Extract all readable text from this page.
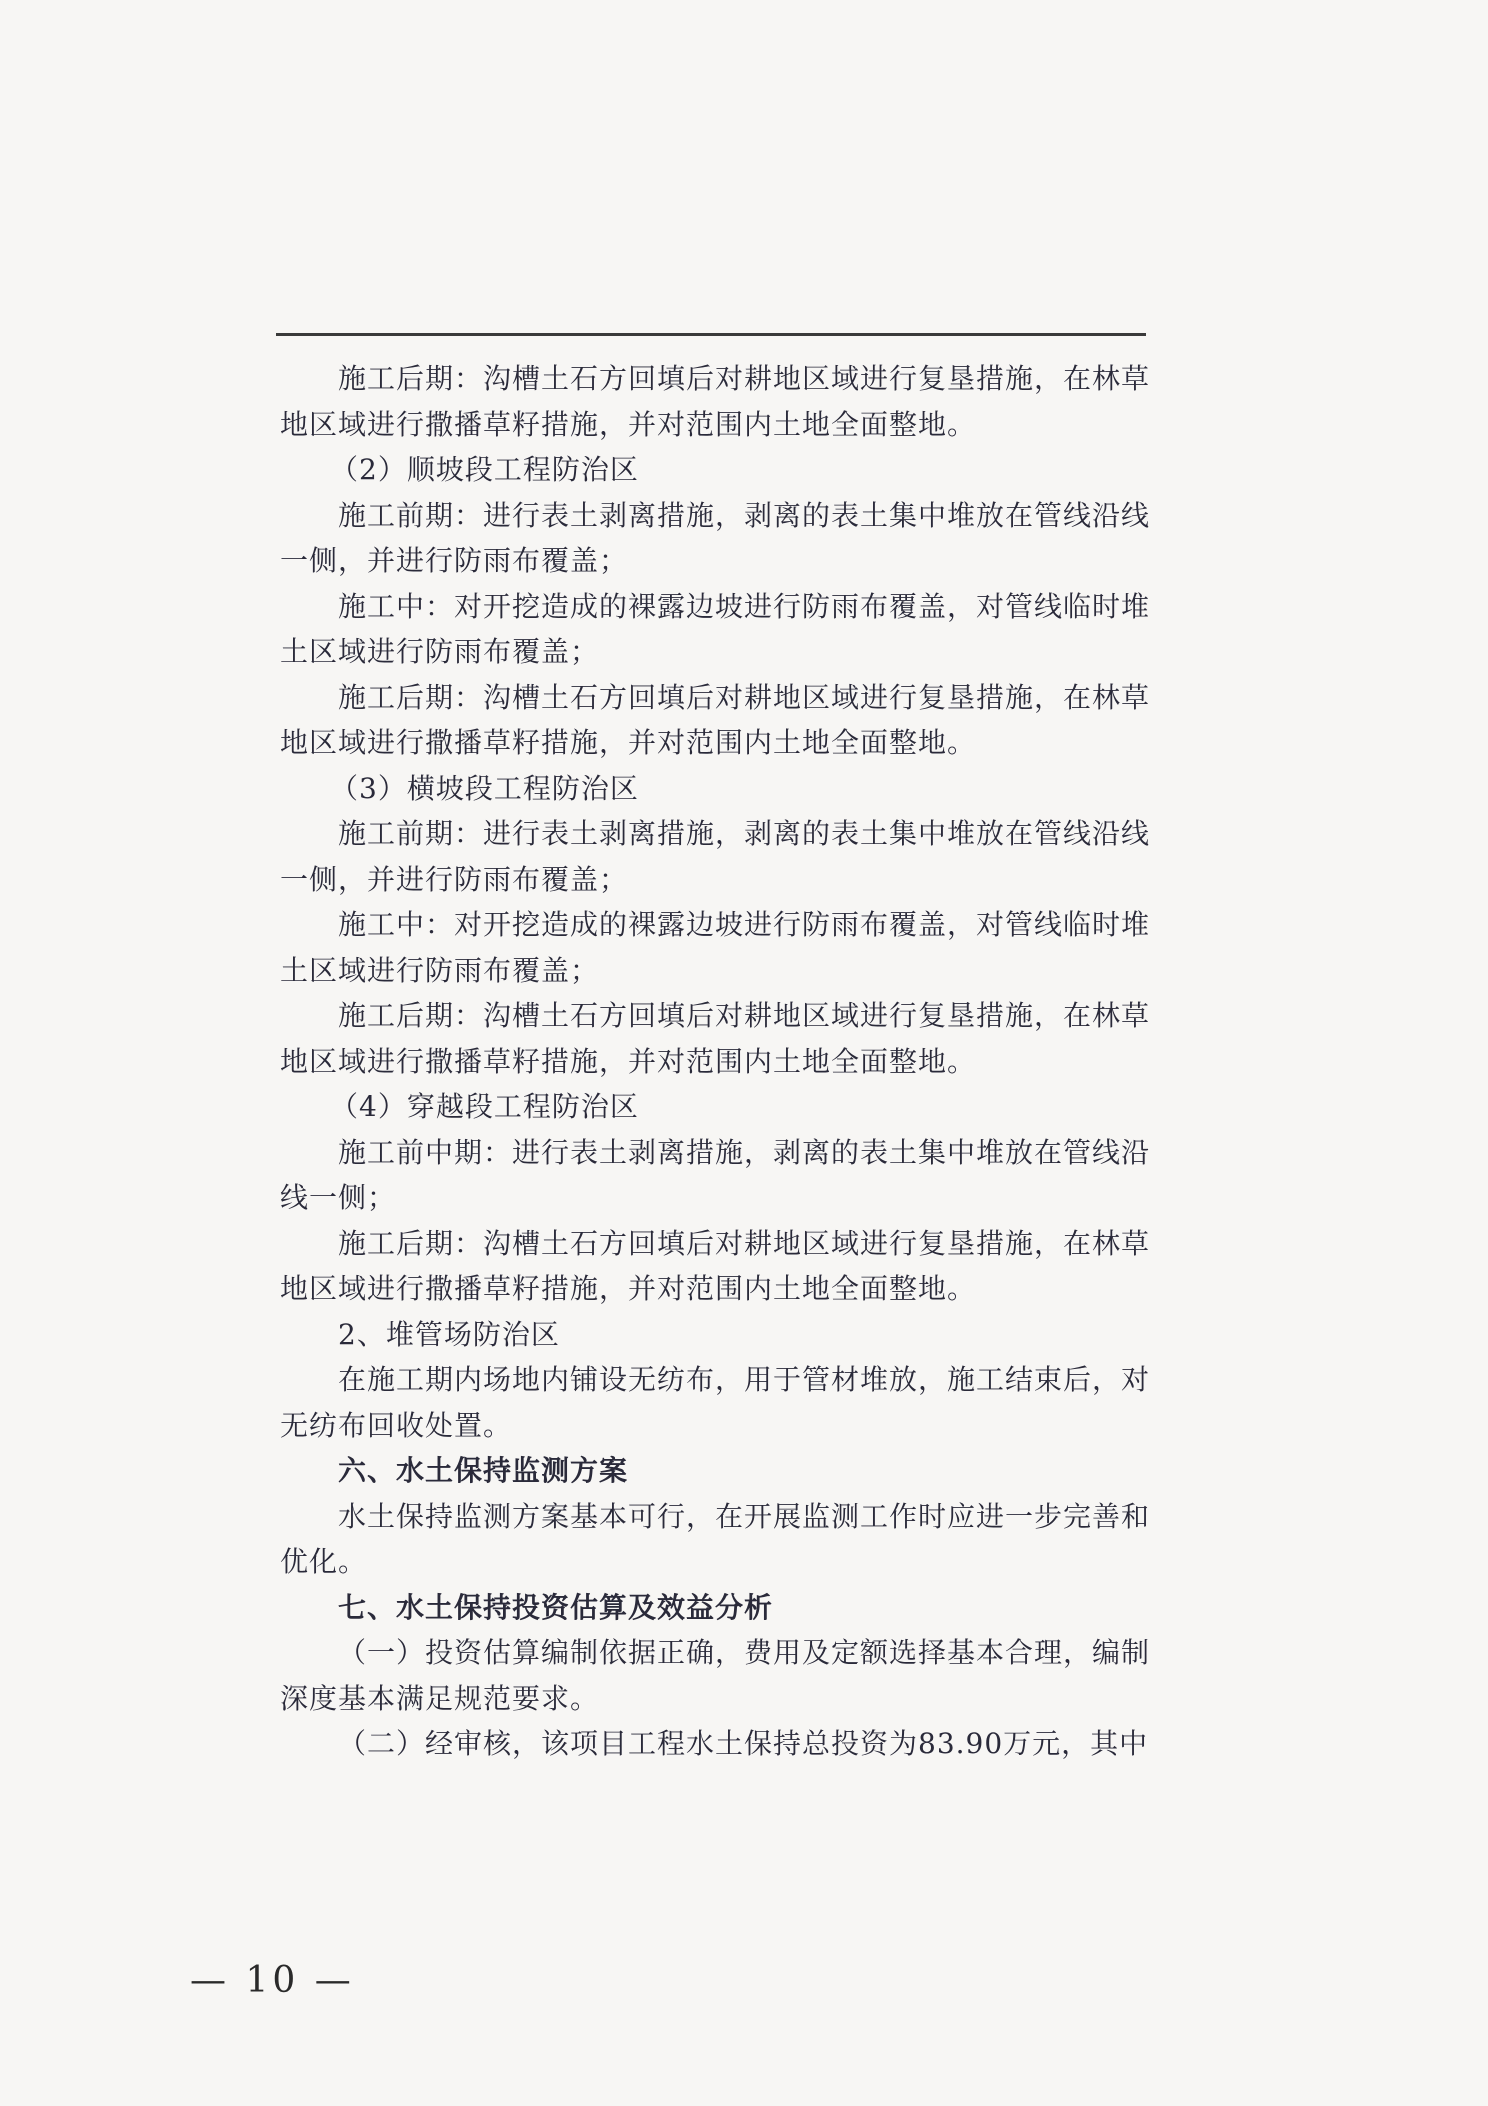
施工后期：沟槽土石方回填后对耕地区域进行复垦措施，在林草
地区域进行撒播草籽措施，并对范围内土地全面整地。
（2）顺坡段工程防治区
施工前期：进行表土剥离措施，剥离的表土集中堆放在管线沿线
一侧，并进行防雨布覆盖；
施工中：对开挖造成的裸露边坡进行防雨布覆盖，对管线临时堆
土区域进行防雨布覆盖；
施工后期：沟槽土石方回填后对耕地区域进行复垦措施，在林草
地区域进行撒播草籽措施，并对范围内土地全面整地。
（3）横坡段工程防治区
施工前期：进行表土剥离措施，剥离的表土集中堆放在管线沿线
一侧，并进行防雨布覆盖；
施工中：对开挖造成的裸露边坡进行防雨布覆盖，对管线临时堆
土区域进行防雨布覆盖；
施工后期：沟槽土石方回填后对耕地区域进行复垦措施，在林草
地区域进行撒播草籽措施，并对范围内土地全面整地。
（4）穿越段工程防治区
施工前中期：进行表土剥离措施，剥离的表土集中堆放在管线沿
线一侧；
施工后期：沟槽土石方回填后对耕地区域进行复垦措施，在林草
地区域进行撒播草籽措施，并对范围内土地全面整地。
2、堆管场防治区
在施工期内场地内铺设无纺布，用于管材堆放，施工结束后，对
无纺布回收处置。
六、水土保持监测方案
水土保持监测方案基本可行，在开展监测工作时应进一步完善和
优化。
七、水土保持投资估算及效益分析
（一）投资估算编制依据正确，费用及定额选择基本合理，编制
深度基本满足规范要求。
（二）经审核，该项目工程水土保持总投资为83.90万元，其中
— 10 —
